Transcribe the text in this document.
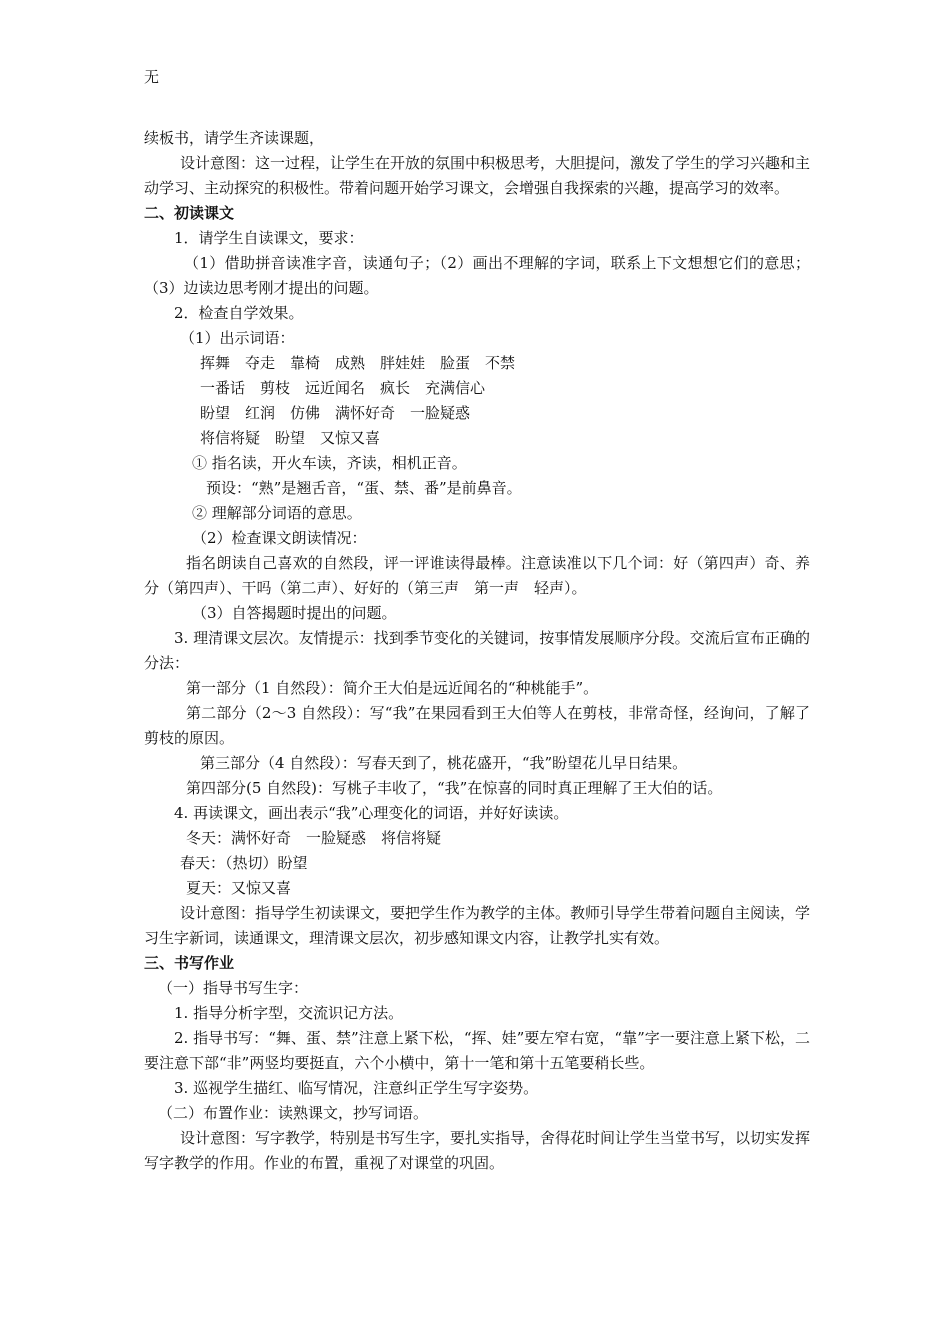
无
续板书，请学生齐读课题，
设计意图：这一过程，让学生在开放的氛围中积极思考，大胆提问，激发了学生的学习兴趣和主动学习、主动探究的积极性。带着问题开始学习课文，会增强自我探索的兴趣，提高学习的效率。
二、初读课文
1．请学生自读课文，要求：
（1）借助拼音读准字音，读通句子；（2）画出不理解的字词，联系上下文想想它们的意思；（3）边读边思考刚才提出的问题。
2．检查自学效果。
（1）出示词语：
挥舞　夺走　靠椅　成熟　胖娃娃　脸蛋　不禁
一番话　剪枝　远近闻名　疯长　充满信心
盼望　红润　仿佛　满怀好奇　一脸疑惑
将信将疑　盼望　又惊又喜
① 指名读，开火车读，齐读，相机正音。
预设：“熟”是翘舌音，“蛋、禁、番”是前鼻音。
② 理解部分词语的意思。
（2）检查课文朗读情况：
指名朗读自己喜欢的自然段，评一评谁读得最棒。注意读准以下几个词：好（第四声）奇、养分（第四声）、干吗（第二声）、好好的（第三声　第一声　轻声）。
（3）自答揭题时提出的问题。
3. 理清课文层次。友情提示：找到季节变化的关键词，按事情发展顺序分段。交流后宣布正确的分法：
第一部分（1 自然段）：简介王大伯是远近闻名的“种桃能手”。
第二部分（2～3 自然段）：写“我”在果园看到王大伯等人在剪枝，非常奇怪，经询问，了解了剪枝的原因。
第三部分（4 自然段）：写春天到了，桃花盛开，“我”盼望花儿早日结果。
第四部分(5 自然段)：写桃子丰收了，“我”在惊喜的同时真正理解了王大伯的话。
4. 再读课文，画出表示“我”心理变化的词语，并好好读读。
冬天：满怀好奇　一脸疑惑　将信将疑
春天：（热切）盼望
夏天：又惊又喜
设计意图：指导学生初读课文，要把学生作为教学的主体。教师引导学生带着问题自主阅读，学习生字新词，读通课文，理清课文层次，初步感知课文内容，让教学扎实有效。
三、书写作业
（一）指导书写生字：
1. 指导分析字型，交流识记方法。
2. 指导书写：“舞、蛋、禁”注意上紧下松，“挥、娃”要左窄右宽，“靠”字一要注意上紧下松，二要注意下部“非”两竖均要挺直，六个小横中，第十一笔和第十五笔要稍长些。
3. 巡视学生描红、临写情况，注意纠正学生写字姿势。
（二）布置作业：读熟课文，抄写词语。
设计意图：写字教学，特别是书写生字，要扎实指导，舍得花时间让学生当堂书写，以切实发挥写字教学的作用。作业的布置，重视了对课堂的巩固。
